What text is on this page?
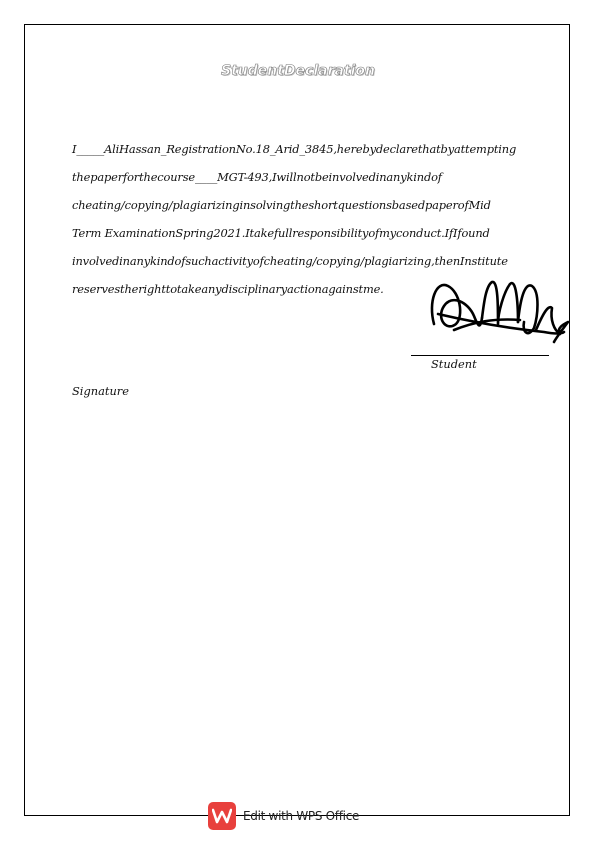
StudentDeclaration
I_____AliHassan_RegistrationNo.18_Arid_3845,herebydeclarethatbyattempting
thepaperforthecourse____MGT-493,Iwillnotbeinvolvedinanykindof
cheating/copying/plagiarizinginsolvingtheshortquestionsbasedpaperofMid
Term ExaminationSpring2021.Itakefullresponsibilityofmyconduct.IfIfound
involvedinanykindofsuchactivityofcheating/copying/plagiarizing,thenInstitute
reservestherighttotakeanydisciplinaryactionagainstme.
Student
Signature
Edit with WPS Office
